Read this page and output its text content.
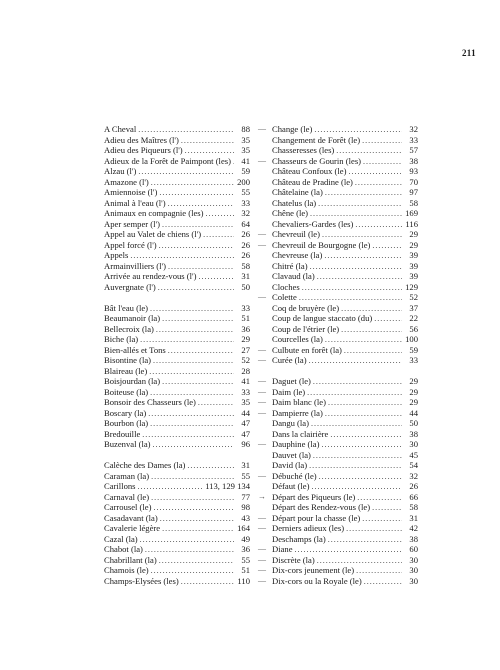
211
A Cheval .....	88
Adieu des Maîtres (l') .....	35
Adieu des Piqueurs (l') .....	35
Adieux de la Forêt de Paimpont (les) .....	41
Alzau (l') .....	59
Amazone (l') .....	200
Amiennoise (l') .....	55
Animal à l'eau (l') .....	33
Animaux en compagnie (les) .....	32
Aper semper (l') .....	64
Appel au Valet de chiens (l') .....	26
Appel forcé (l') .....	26
Appels .....	26
Armainvilliers (l') .....	58
Arrivée au rendez-vous (l') .....	31
Auvergnate (l') .....	50
Bât l'eau (le) .....	33
Beaumanoir (la) .....	51
Bellecroix (la) .....	36
Biche (la) .....	29
Bien-allés et Tons .....	27
Bisontine (la) .....	52
Blaireau (le) .....	28
Boisjourdan (la) .....	41
Boiteuse (la) .....	33
Bonsoir des Chasseurs (le) .....	35
Boscary (la) .....	44
Bourbon (la) .....	47
Bredouille .....	47
Buzenval (la) .....	96
Calèche des Dames (la) .....	31
Caraman (la) .....	55
Carillons .....	113, 129 134
Carnaval (le) .....	77
Carrousel (le) .....	98
Casadavant (la) .....	43
Cavalerie légère .....	164
Cazal (la) .....	49
Chabot (la) .....	36
Chabrillant (la) .....	55
Chamois (le) .....	51
Champs-Elysées (les) .....	110
— Change (le) .....	32
Changement de Forêt (le) .....	33
Chasseresses (les) .....	57
— Chasseurs de Gourin (les) .....	38
Château Confoux (le) .....	93
Château de Pradine (le) .....	70
Châtelaine (la) .....	97
Chatelus (la) .....	58
Chêne (le) .....	169
Chevaliers-Gardes (les) .....	116
— Chevreuil (le) .....	29
— Chevreuil de Bourgogne (le) .....	29
Chevreuse (la) .....	39
Chitré (la) .....	39
Clavaud (la) .....	39
Cloches .....	129
— Colette .....	52
Coq de bruyère (le) .....	37
Coup de langue staccato (du) .....	22
Coup de l'étrier (le) .....	56
Courcelles (la) .....	100
— Culbute en forêt (la) .....	59
— Curée (la) .....	33
— Daguet (le) .....	29
— Daim (le) .....	29
— Daim blanc (le) .....	29
— Dampierre (la) .....	44
Dangu (la) .....	50
Dans la clairière .....	38
— Dauphine (la) .....	30
Dauvet (la) .....	45
David (la) .....	54
— Débuché (le) .....	32
Défaut (le) .....	26
→ Départ des Piqueurs (le) .....	66
Départ des Rendez-vous (le) .....	58
— Départ pour la chasse (le) .....	31
— Derniers adieux (les) .....	42
Deschamps (la) .....	38
— Diane .....	60
— Discrète (la) .....	30
— Dix-cors jeunement (le) .....	30
— Dix-cors ou la Royale (le) .....	30
